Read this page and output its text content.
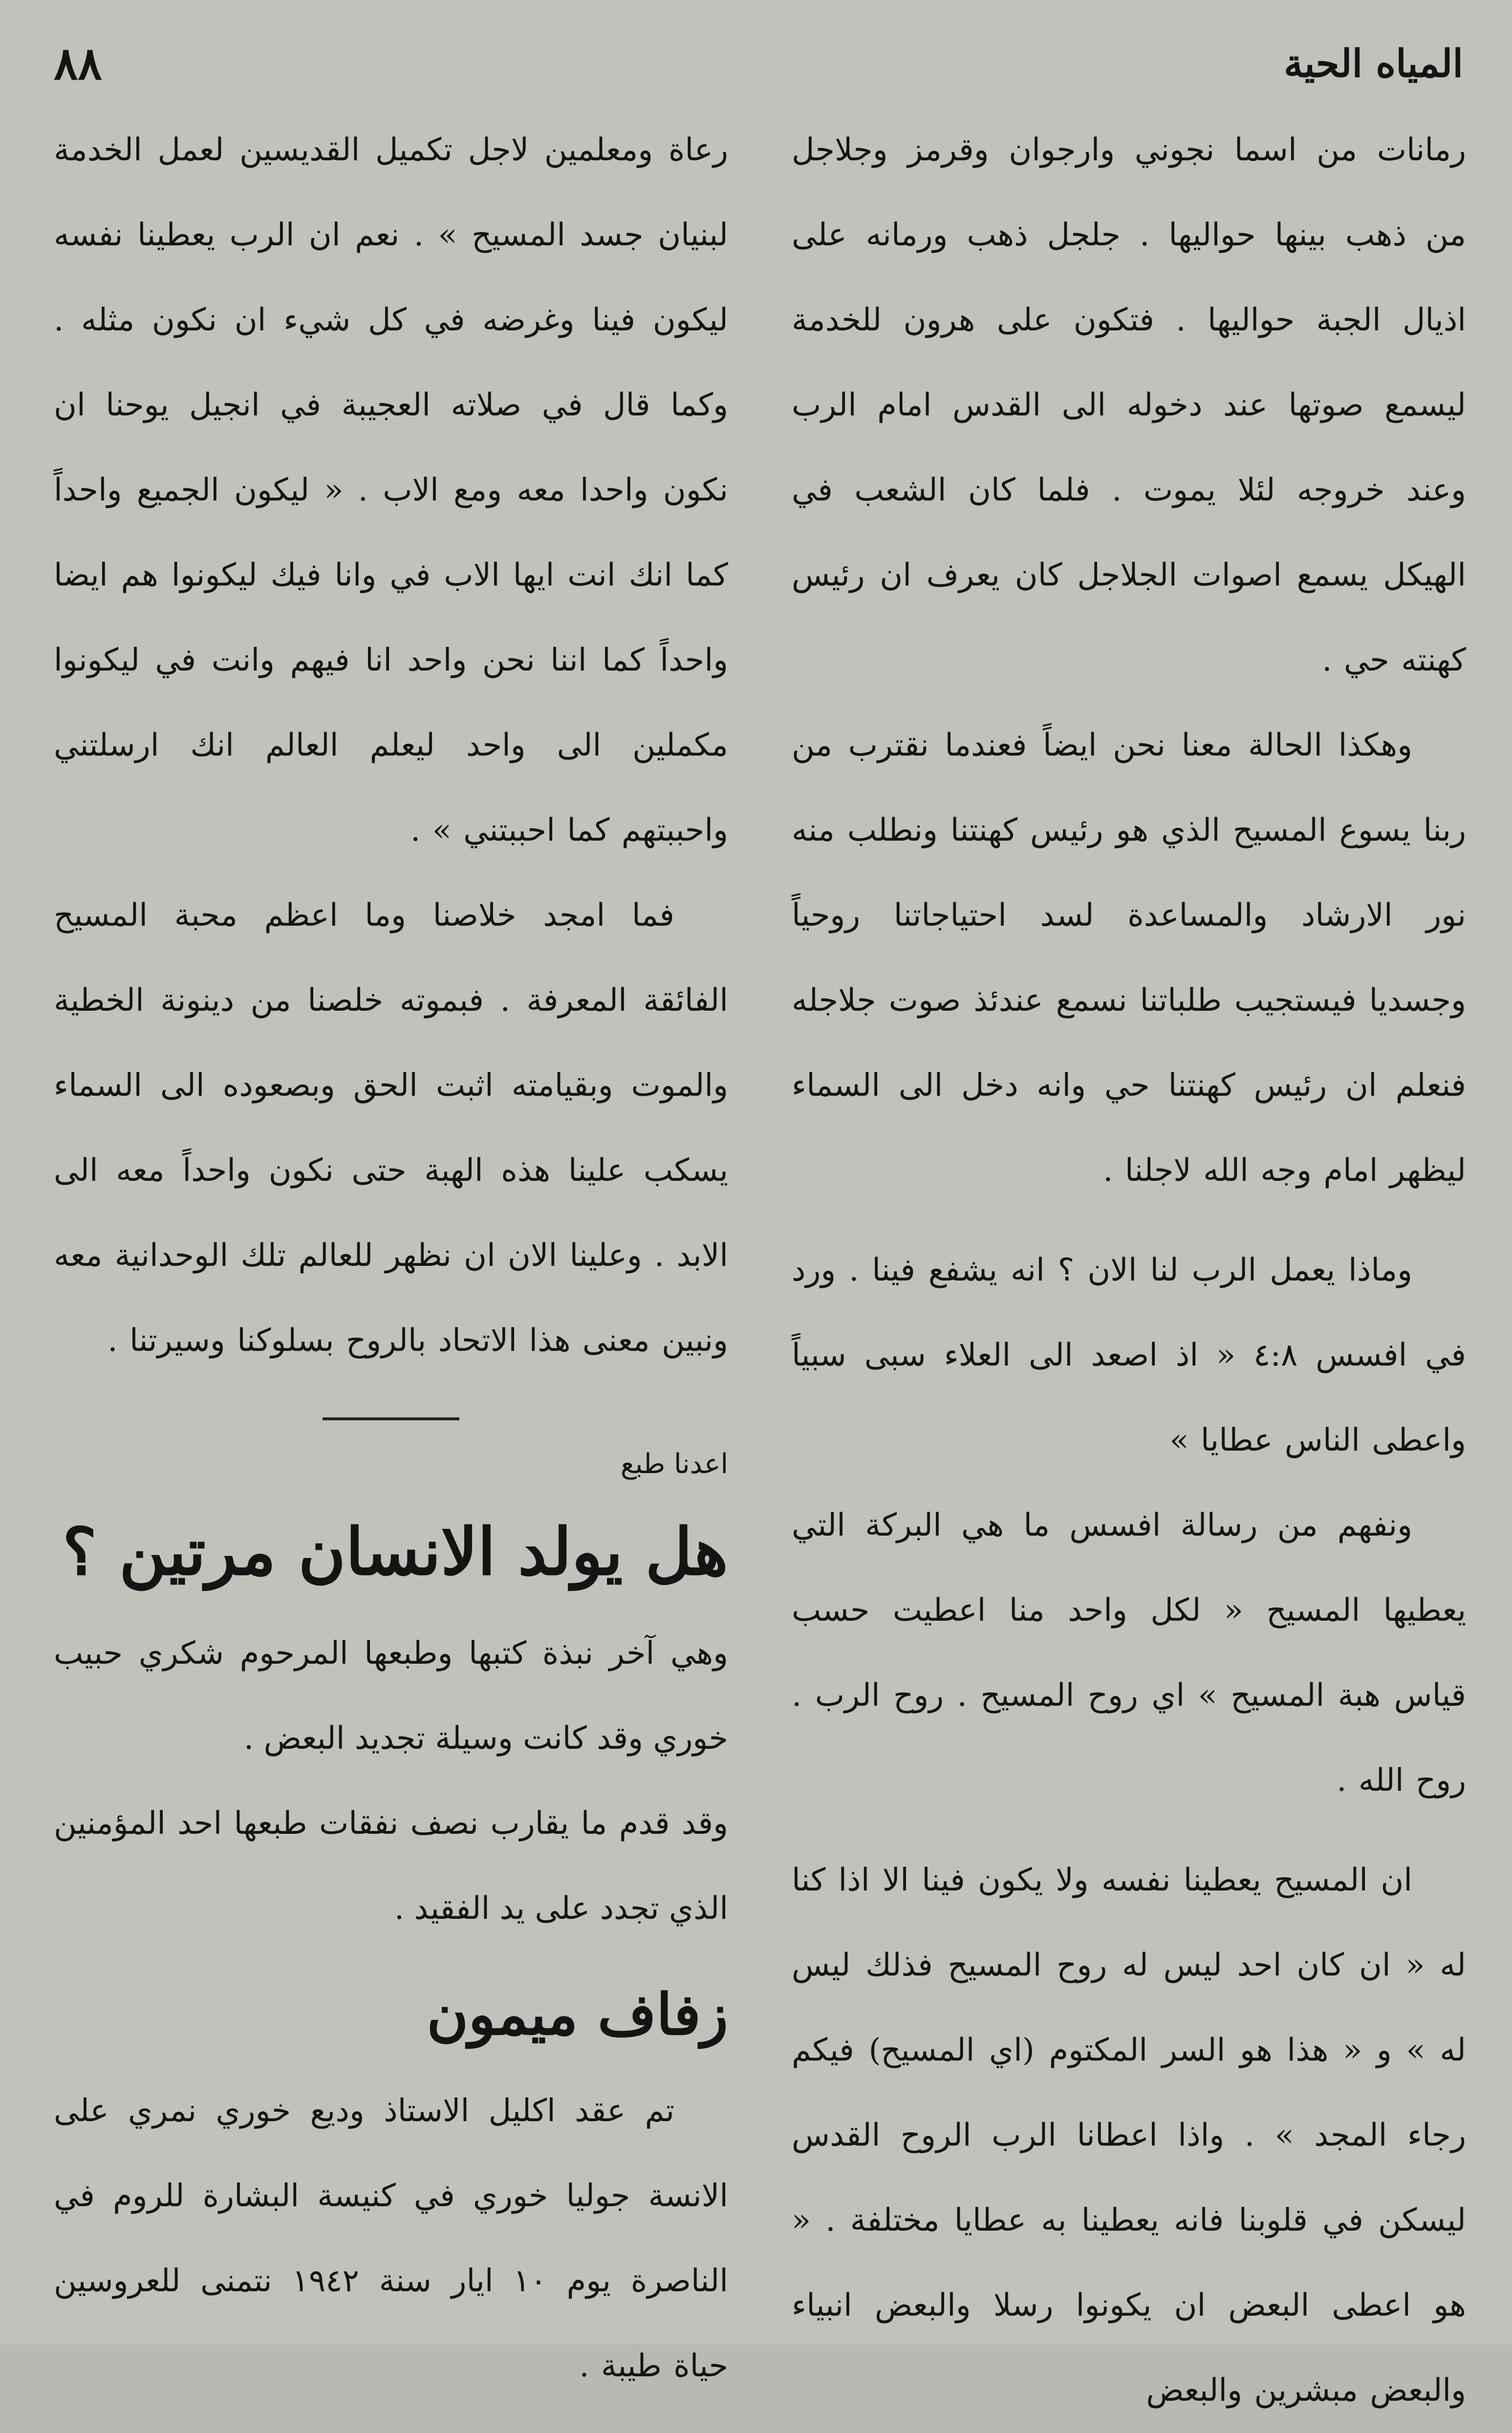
المياه الحية
٨٨

رمانات من اسما نجوني وارجوان وقرمز وجلاجل من ذهب بينها حواليها . جلجل ذهب ورمانه على اذيال الجبة حواليها . فتكون على هرون للخدمة ليسمع صوتها عند دخوله الى القدس امام الرب وعند خروجه لئلا يموت . فلما كان الشعب في الهيكل يسمع اصوات الجلاجل كان يعرف ان رئيس كهنته حي .

وهكذا الحالة معنا نحن ايضاً فعندما نقترب من ربنا يسوع المسيح الذي هو رئيس كهنتنا ونطلب منه نور الارشاد والمساعدة لسد احتياجاتنا روحياً وجسديا فيستجيب طلباتنا نسمع عندئذ صوت جلاجله فنعلم ان رئيس كهنتنا حي وانه دخل الى السماء ليظهر امام وجه الله لاجلنا .

وماذا يعمل الرب لنا الان ؟ انه يشفع فينا . ورد في افسس ٤:٨ « اذ اصعد الى العلاء سبى سبياً واعطى الناس عطايا »

ونفهم من رسالة افسس ما هي البركة التي يعطيها المسيح « لكل واحد منا اعطيت حسب قياس هبة المسيح » اي روح المسيح . روح الرب . روح الله .

ان المسيح يعطينا نفسه ولا يكون فينا الا اذا كنا له « ان كان احد ليس له روح المسيح فذلك ليس له » و « هذا هو السر المكتوم (اي المسيح) فيكم رجاء المجد » . واذا اعطانا الرب الروح القدس ليسكن في قلوبنا فانه يعطينا به عطايا مختلفة . « هو اعطى البعض ان يكونوا رسلا والبعض انبياء والبعض مبشرين والبعض

رعاة ومعلمين لاجل تكميل القديسين لعمل الخدمة لبنيان جسد المسيح » . نعم ان الرب يعطينا نفسه ليكون فينا وغرضه في كل شيء ان نكون مثله . وكما قال في صلاته العجيبة في انجيل يوحنا ان نكون واحدا معه ومع الاب . « ليكون الجميع واحداً كما انك انت ايها الاب في وانا فيك ليكونوا هم ايضا واحداً كما اننا نحن واحد انا فيهم وانت في ليكونوا مكملين الى واحد ليعلم العالم انك ارسلتني واحببتهم كما احببتني » .

فما امجد خلاصنا وما اعظم محبة المسيح الفائقة المعرفة . فبموته خلصنا من دينونة الخطية والموت وبقيامته اثبت الحق وبصعوده الى السماء يسكب علينا هذه الهبة حتى نكون واحداً معه الى الابد . وعلينا الان ان نظهر للعالم تلك الوحدانية معه ونبين معنى هذا الاتحاد بالروح بسلوكنا وسيرتنا .

اعدنا طبع
هل يولد الانسان مرتين ؟

وهي آخر نبذة كتبها وطبعها المرحوم شكري حبيب خوري وقد كانت وسيلة تجديد البعض .

وقد قدم ما يقارب نصف نفقات طبعها احد المؤمنين الذي تجدد على يد الفقيد .

زفاف ميمون

تم عقد اكليل الاستاذ وديع خوري نمري على الانسة جوليا خوري في كنيسة البشارة للروم في الناصرة يوم ١٠ ايار سنة ١٩٤٢ نتمنى للعروسين حياة طيبة .
